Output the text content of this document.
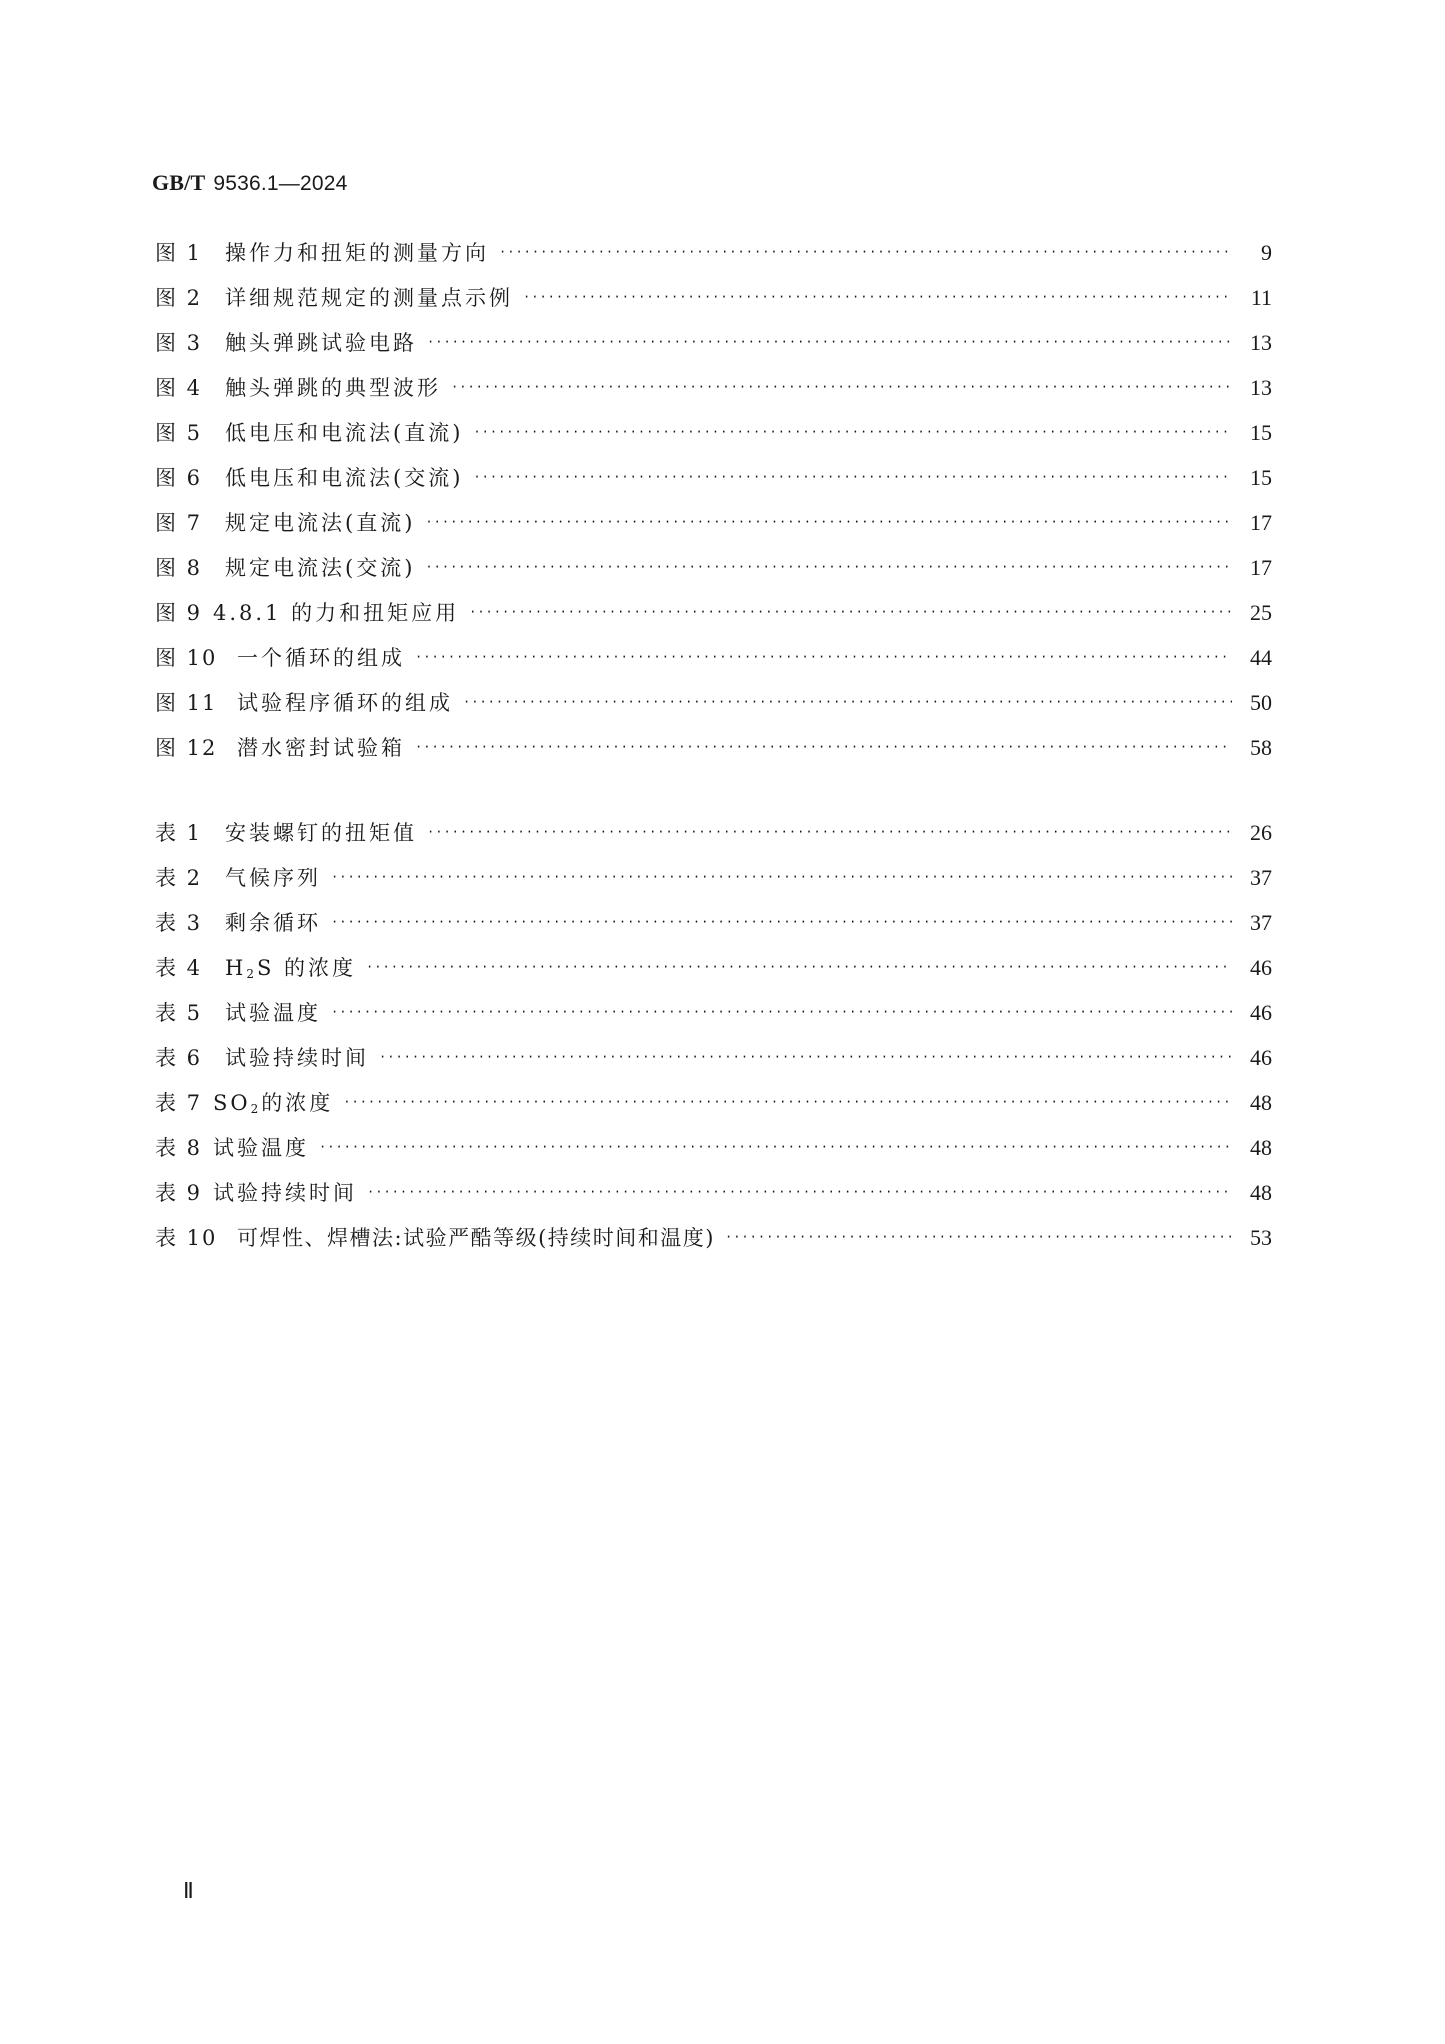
GB/T 9536.1—2024
图 1	操作力和扭矩的测量方向 ·····	9
图 2	详细规范规定的测量点示例 ·····	11
图 3	触头弹跳试验电路 ·····	13
图 4	触头弹跳的典型波形 ·····	13
图 5	低电压和电流法(直流) ·····	15
图 6	低电压和电流法(交流) ·····	15
图 7	规定电流法(直流) ·····	17
图 8	规定电流法(交流) ·····	17
图 9 4.8.1 的力和扭矩应用 ·····	25
图 10 一个循环的组成 ·····	44
图 11 试验程序循环的组成 ·····	50
图 12 潜水密封试验箱 ·····	58
表 1	安装螺钉的扭矩值 ·····	26
表 2	气候序列 ·····	37
表 3	剩余循环 ·····	37
表 4	$H_2S$ 的浓度 ·····	46
表 5	试验温度 ·····	46
表 6	试验持续时间 ·····	46
表 7 $SO_2$的浓度 ·····	48
表 8 试验温度 ·····	48
表 9 试验持续时间 ·····	48
表 10 可焊性、焊槽法:试验严酷等级(持续时间和温度) ·····	53
Ⅱ
